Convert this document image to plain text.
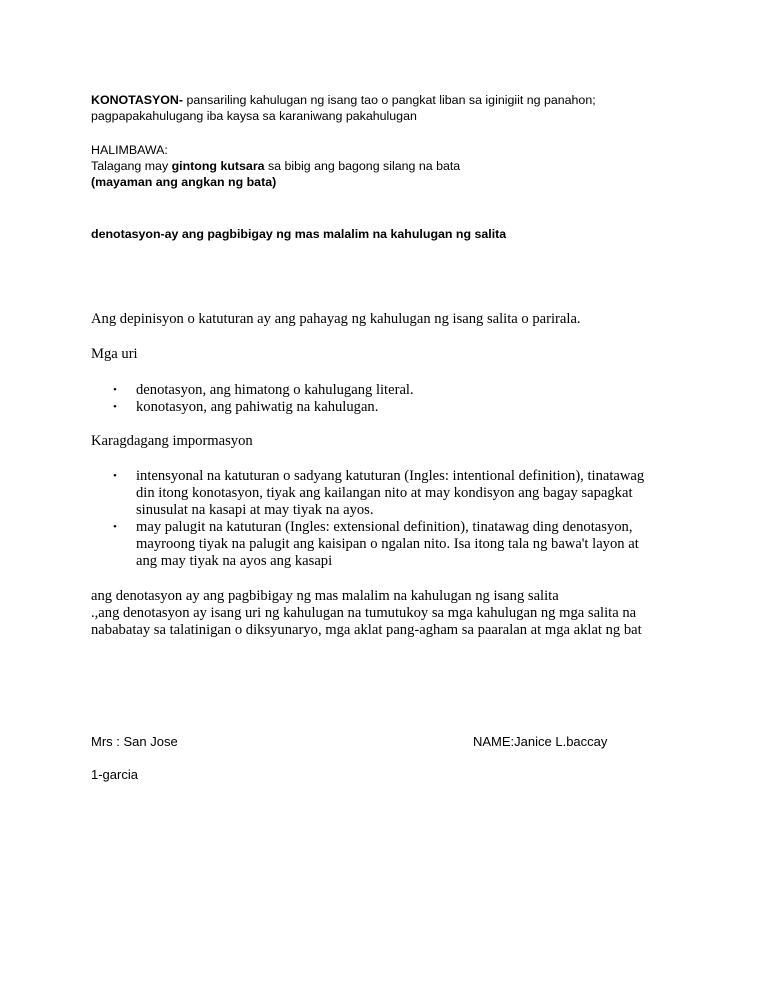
KONOTASYON- pansariling kahulugan ng isang tao o pangkat liban sa iginigiit ng panahon;

pagpapakahulugang iba kaysa sa karaniwang pakahulugan

HALIMBAWA:

Talagang may gintong kutsara sa bibig ang bagong silang na bata

(mayaman ang angkan ng bata)

denotasyon-ay ang pagbibigay ng mas malalim na kahulugan ng salita
Ang depinisyon o katuturan ay ang pahayag ng kahulugan ng isang salita o parirala.
Mga uri
• denotasyon, ang himatong o kahulugang literal.
• konotasyon, ang pahiwatig na kahulugan.
Karagdagang impormasyon
• intensyonal na katuturan o sadyang katuturan (Ingles: intentional definition), tinatawag
din itong konotasyon, tiyak ang kailangan nito at may kondisyon ang bagay sapagkat
sinusulat na kasapi at may tiyak na ayos.
• may palugit na katuturan (Ingles: extensional definition), tinatawag ding denotasyon,
mayroong tiyak na palugit ang kaisipan o ngalan nito. Isa itong tala ng bawa't layon at
ang may tiyak na ayos ang kasapi
ang denotasyon ay ang pagbibigay ng mas malalim na kahulugan ng isang salita
.,ang denotasyon ay isang uri ng kahulugan na tumutukoy sa mga kahulugan ng mga salita na
nababatay sa talatinigan o diksyunaryo, mga aklat pang-agham sa paaralan at mga aklat ng bat
Mrs : San Jose	NAME:Janice L.baccay
1-garcia
